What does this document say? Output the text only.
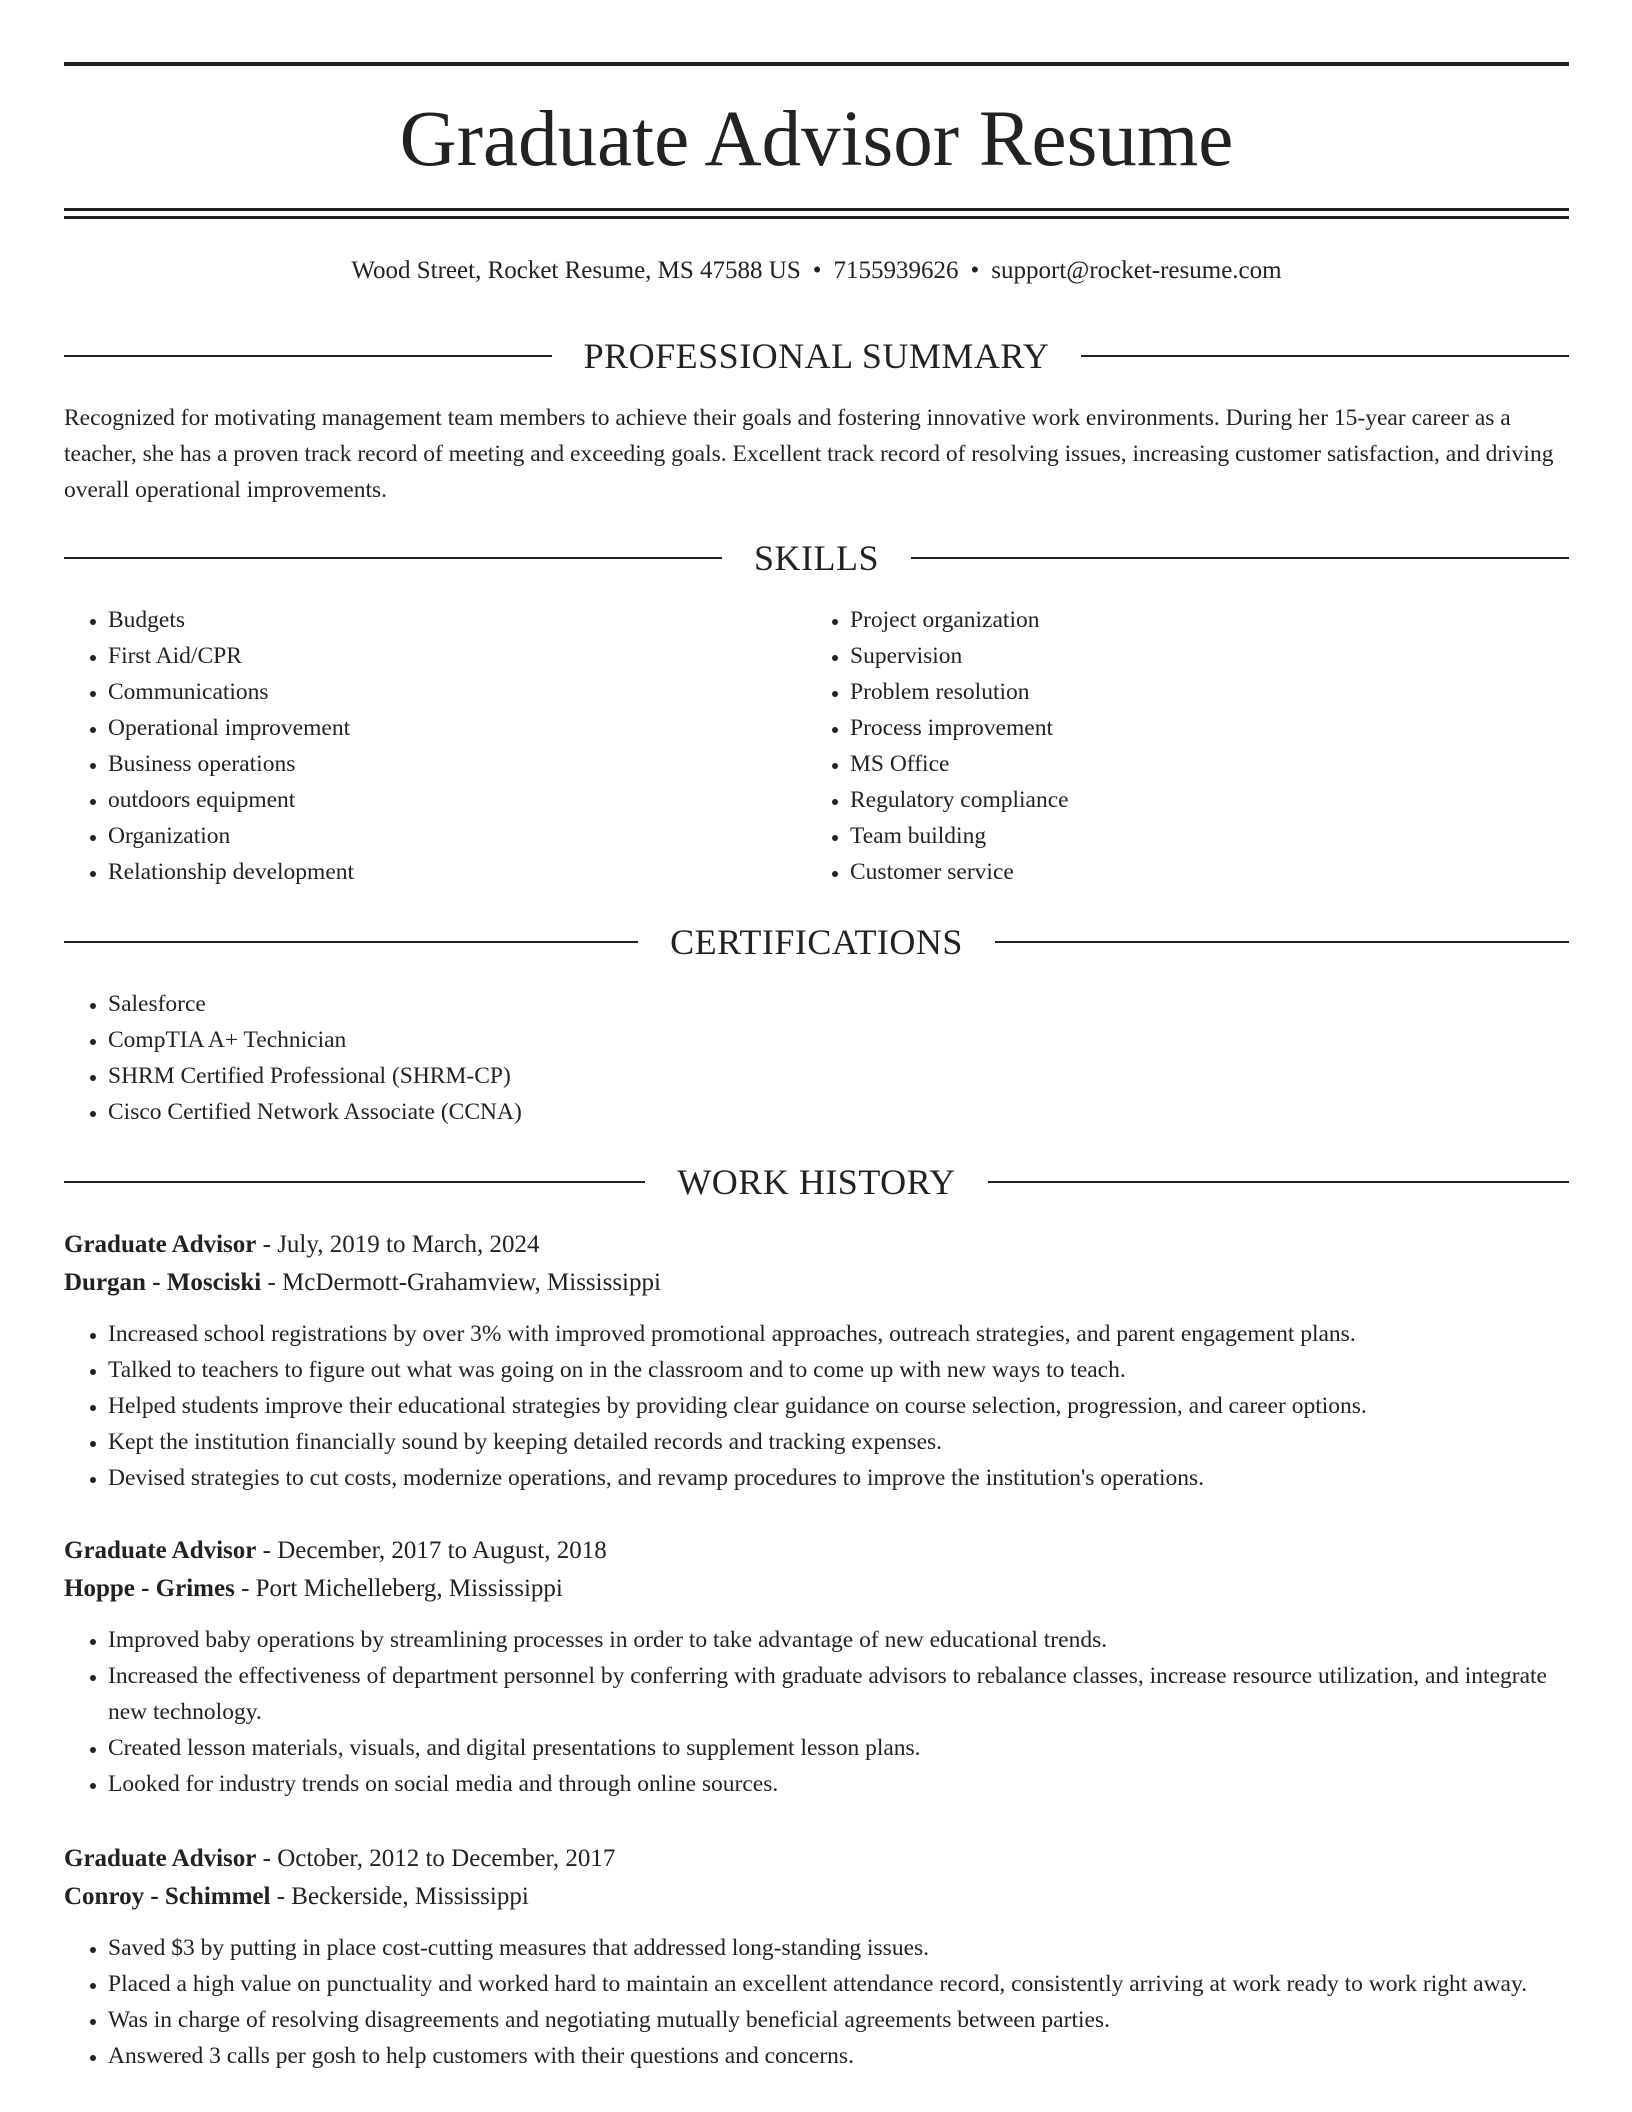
Graduate Advisor Resume
Wood Street, Rocket Resume, MS 47588 US • 7155939626 • support@rocket-resume.com
PROFESSIONAL SUMMARY
Recognized for motivating management team members to achieve their goals and fostering innovative work environments. During her 15-year career as a teacher, she has a proven track record of meeting and exceeding goals. Excellent track record of resolving issues, increasing customer satisfaction, and driving overall operational improvements.
SKILLS
• Budgets
• First Aid/CPR
• Communications
• Operational improvement
• Business operations
• outdoors equipment
• Organization
• Relationship development
• Project organization
• Supervision
• Problem resolution
• Process improvement
• MS Office
• Regulatory compliance
• Team building
• Customer service
CERTIFICATIONS
• Salesforce
• CompTIA A+ Technician
• SHRM Certified Professional (SHRM-CP)
• Cisco Certified Network Associate (CCNA)
WORK HISTORY
Graduate Advisor - July, 2019 to March, 2024
Durgan - Mosciski - McDermott-Grahamview, Mississippi
• Increased school registrations by over 3% with improved promotional approaches, outreach strategies, and parent engagement plans.
• Talked to teachers to figure out what was going on in the classroom and to come up with new ways to teach.
• Helped students improve their educational strategies by providing clear guidance on course selection, progression, and career options.
• Kept the institution financially sound by keeping detailed records and tracking expenses.
• Devised strategies to cut costs, modernize operations, and revamp procedures to improve the institution's operations.
Graduate Advisor - December, 2017 to August, 2018
Hoppe - Grimes - Port Michelleberg, Mississippi
• Improved baby operations by streamlining processes in order to take advantage of new educational trends.
• Increased the effectiveness of department personnel by conferring with graduate advisors to rebalance classes, increase resource utilization, and integrate new technology.
• Created lesson materials, visuals, and digital presentations to supplement lesson plans.
• Looked for industry trends on social media and through online sources.
Graduate Advisor - October, 2012 to December, 2017
Conroy - Schimmel - Beckerside, Mississippi
• Saved $3 by putting in place cost-cutting measures that addressed long-standing issues.
• Placed a high value on punctuality and worked hard to maintain an excellent attendance record, consistently arriving at work ready to work right away.
• Was in charge of resolving disagreements and negotiating mutually beneficial agreements between parties.
• Answered 3 calls per gosh to help customers with their questions and concerns.
